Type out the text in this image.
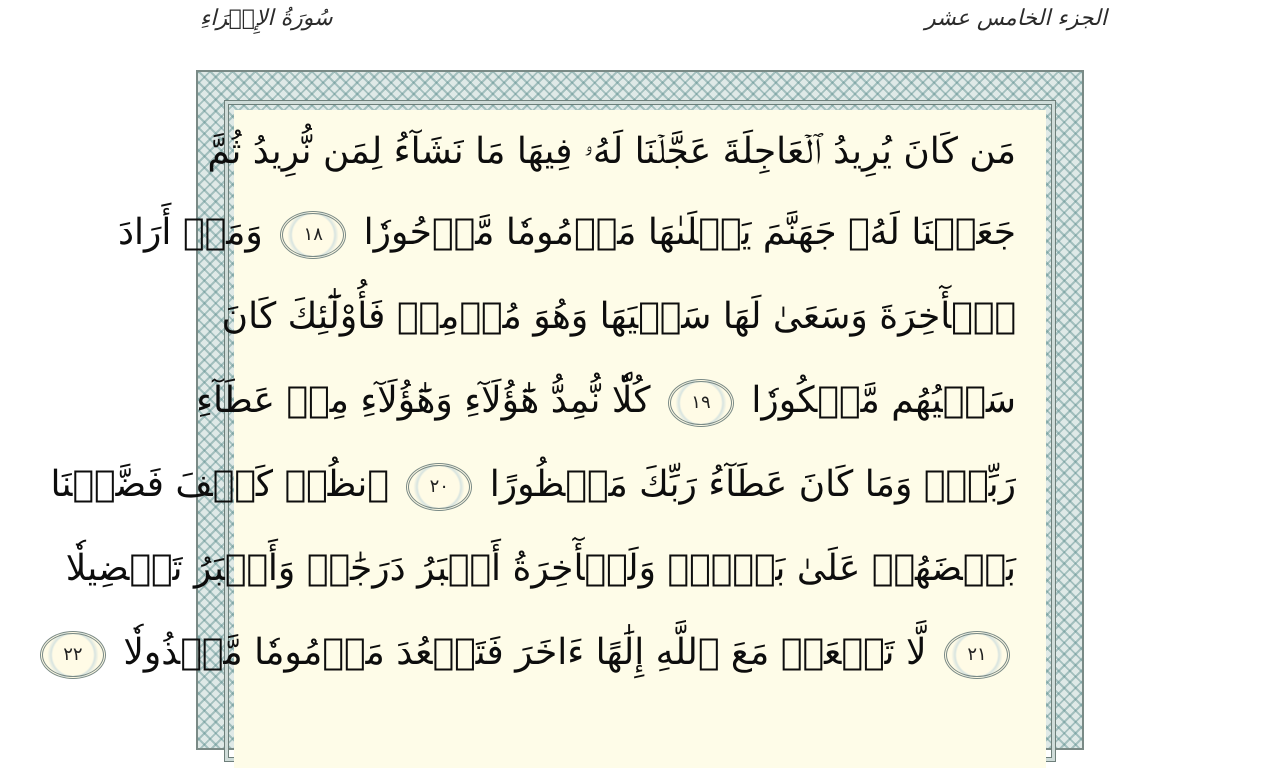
سُورَةُ الإِسۡرَاءِ	الجزء الخامس عشر
مَن كَانَ يُرِيدُ ٱلۡعَاجِلَةَ عَجَّلۡنَا لَهُۥ فِيهَا مَا نَشَآءُ لِمَن نُّرِيدُ ثُمَّ
جَعَلۡنَا لَهُۥ جَهَنَّمَ يَصۡلَىٰهَا مَذۡمُومٗا مَّدۡحُورٗا ١٨ وَمَنۡ أَرَادَ
ٱلۡأٓخِرَةَ وَسَعَىٰ لَهَا سَعۡيَهَا وَهُوَ مُؤۡمِنٞ فَأُوْلَٰٓئِكَ كَانَ
سَعۡيُهُم مَّشۡكُورٗا ١٩ كُلّٗا نُّمِدُّ هَٰٓؤُلَآءِ وَهَٰٓؤُلَآءِ مِنۡ عَطَآءِ
رَبِّكَۚ وَمَا كَانَ عَطَآءُ رَبِّكَ مَحۡظُورًا ٢٠ ٱنظُرۡ كَيۡفَ فَضَّلۡنَا
بَعۡضَهُمۡ عَلَىٰ بَعۡضٖۚ وَلَلۡأٓخِرَةُ أَكۡبَرُ دَرَجَٰتٖ وَأَكۡبَرُ تَفۡضِيلٗا
٢١ لَّا تَجۡعَلۡ مَعَ ٱللَّهِ إِلَٰهًا ءَاخَرَ فَتَقۡعُدَ مَذۡمُومٗا مَّخۡذُولٗا ٢٢
